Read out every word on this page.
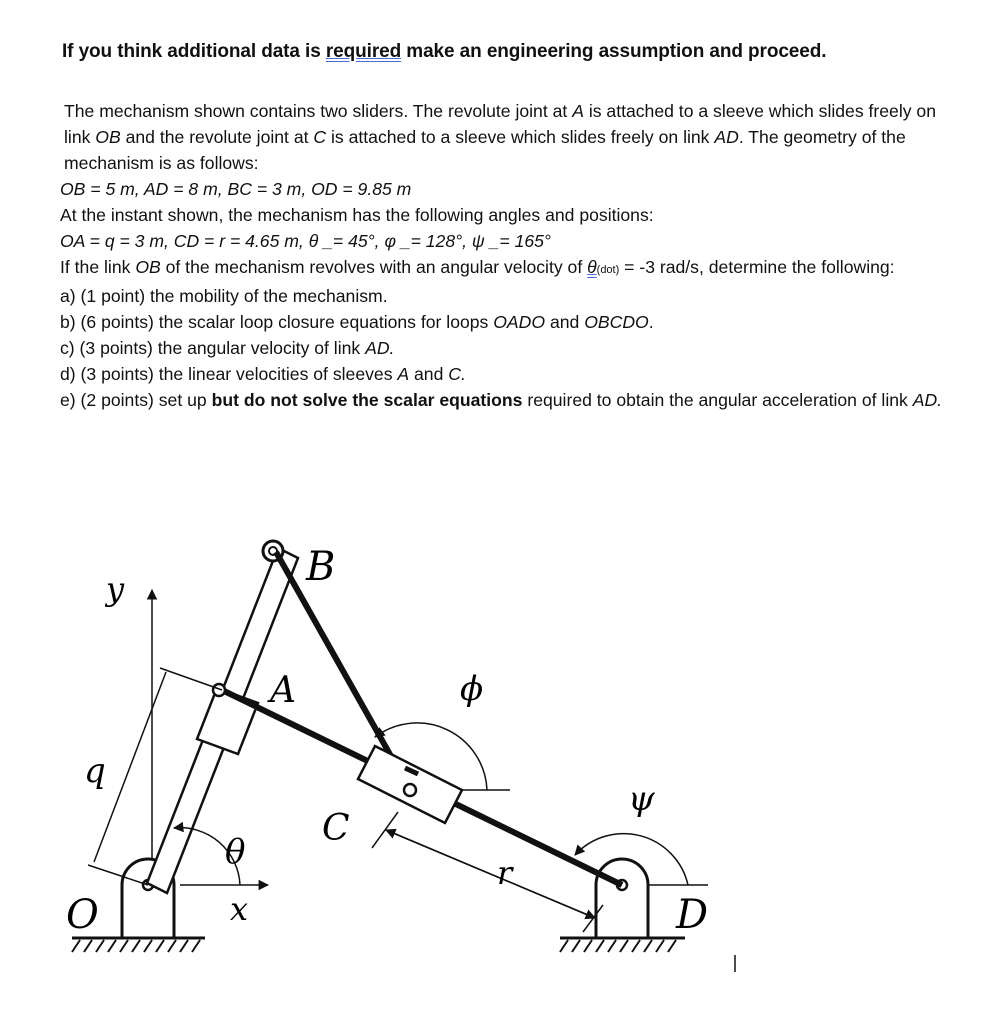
If you think additional data is required make an engineering assumption and proceed.

The mechanism shown contains two sliders. The revolute joint at A is attached to a sleeve which slides freely on link OB and the revolute joint at C is attached to a sleeve which slides freely on link AD. The geometry of the mechanism is as follows:

OB = 5 m, AD = 8 m, BC = 3 m, OD = 9.85 m

At the instant shown, the mechanism has the following angles and positions:

OA = q = 3 m, CD = r = 4.65 m, θ _= 45°, φ _= 128°, ψ _= 165°

If the link OB of the mechanism revolves with an angular velocity of θ(dot) = -3 rad/s, determine the following:

a) (1 point) the mobility of the mechanism.

b) (6 points) the scalar loop closure equations for loops OADO and OBCDO.

c) (3 points) the angular velocity of link AD.

d) (3 points) the linear velocities of sleeves A and C.

e) (2 points) set up but do not solve the scalar equations required to obtain the angular acceleration of link AD.

B
A
C
D
O
y
x
q
r
θ
ϕ
ψ
